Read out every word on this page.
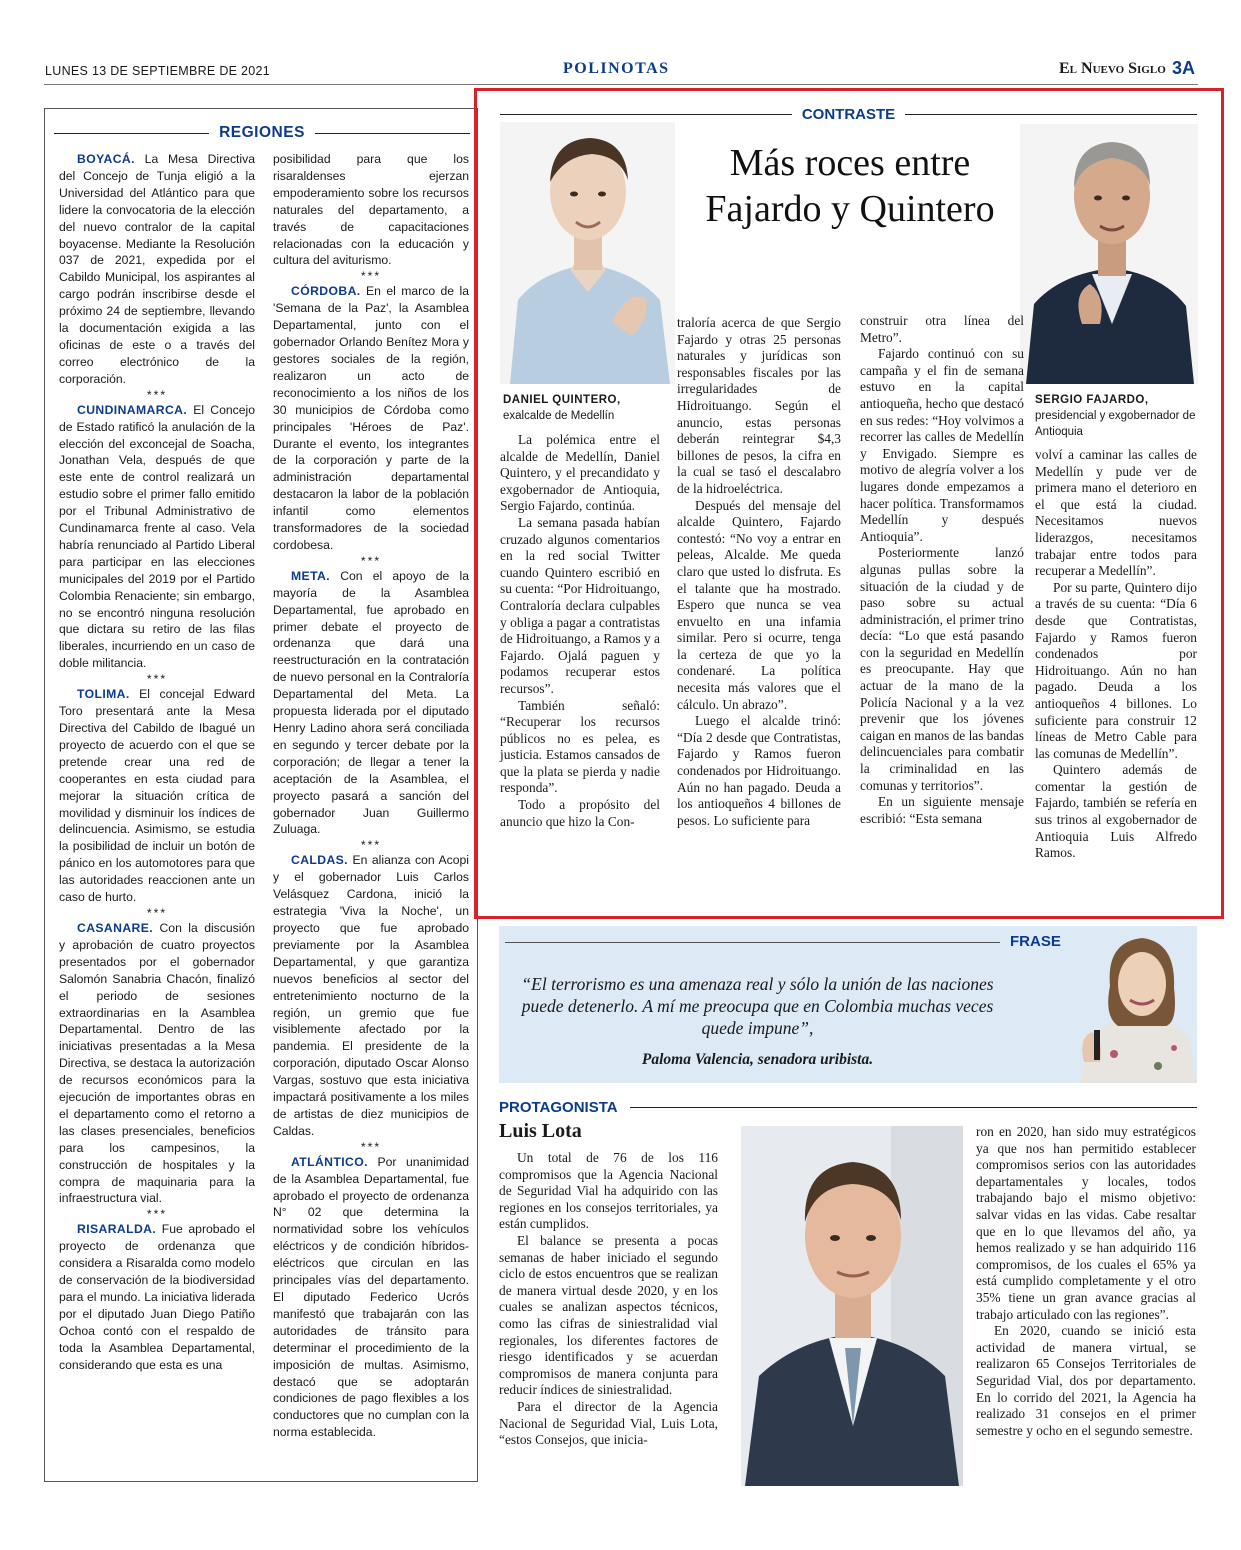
LUNES 13 DE SEPTIEMBRE DE 2021	POLINOTAS	El Nuevo Siglo 3A
REGIONES

BOYACÁ. La Mesa Directiva del Concejo de Tunja eligió a la Universidad del Atlántico para que lidere la convocatoria de la elección del nuevo contralor de la capital boyacense. Mediante la Resolución 037 de 2021, expedida por el Cabildo Municipal, los aspirantes al cargo podrán inscribirse desde el próximo 24 de septiembre, llevando la documentación exigida a las oficinas de este o a través del correo electrónico de la corporación.

***

CUNDINAMARCA. El Concejo de Estado ratificó la anulación de la elección del exconcejal de Soacha, Jonathan Vela, después de que este ente de control realizará un estudio sobre el primer fallo emitido por el Tribunal Administrativo de Cundinamarca frente al caso. Vela habría renunciado al Partido Liberal para participar en las elecciones municipales del 2019 por el Partido Colombia Renaciente; sin embargo, no se encontró ninguna resolución que dictara su retiro de las filas liberales, incurriendo en un caso de doble militancia.

***

TOLIMA. El concejal Edward Toro presentará ante la Mesa Directiva del Cabildo de Ibagué un proyecto de acuerdo con el que se pretende crear una red de cooperantes en esta ciudad para mejorar la situación crítica de movilidad y disminuir los índices de delincuencia. Asimismo, se estudia la posibilidad de incluir un botón de pánico en los automotores para que las autoridades reaccionen ante un caso de hurto.

***

CASANARE. Con la discusión y aprobación de cuatro proyectos presentados por el gobernador Salomón Sanabria Chacón, finalizó el periodo de sesiones extraordinarias en la Asamblea Departamental. Dentro de las iniciativas presentadas a la Mesa Directiva, se destaca la autorización de recursos económicos para la ejecución de importantes obras en el departamento como el retorno a las clases presenciales, beneficios para los campesinos, la construcción de hospitales y la compra de maquinaria para la infraestructura vial.

***

RISARALDA. Fue aprobado el proyecto de ordenanza que considera a Risaralda como modelo de conservación de la biodiversidad para el mundo. La iniciativa liderada por el diputado Juan Diego Patiño Ochoa contó con el respaldo de toda la Asamblea Departamental, considerando que esta es una

posibilidad para que los risaraldenses ejerzan empoderamiento sobre los recursos naturales del departamento, a través de capacitaciones relacionadas con la educación y cultura del aviturismo.

***

CÓRDOBA. En el marco de la 'Semana de la Paz', la Asamblea Departamental, junto con el gobernador Orlando Benítez Mora y gestores sociales de la región, realizaron un acto de reconocimiento a los niños de los 30 municipios de Córdoba como principales 'Héroes de Paz'. Durante el evento, los integrantes de la corporación y parte de la administración departamental destacaron la labor de la población infantil como elementos transformadores de la sociedad cordobesa.

***

META. Con el apoyo de la mayoría de la Asamblea Departamental, fue aprobado en primer debate el proyecto de ordenanza que dará una reestructuración en la contratación de nuevo personal en la Contraloría Departamental del Meta. La propuesta liderada por el diputado Henry Ladino ahora será conciliada en segundo y tercer debate por la corporación; de llegar a tener la aceptación de la Asamblea, el proyecto pasará a sanción del gobernador Juan Guillermo Zuluaga.

***

CALDAS. En alianza con Acopi y el gobernador Luis Carlos Velásquez Cardona, inició la estrategia 'Viva la Noche', un proyecto que fue aprobado previamente por la Asamblea Departamental, y que garantiza nuevos beneficios al sector del entretenimiento nocturno de la región, un gremio que fue visiblemente afectado por la pandemia. El presidente de la corporación, diputado Oscar Alonso Vargas, sostuvo que esta iniciativa impactará positivamente a los miles de artistas de diez municipios de Caldas.

***

ATLÁNTICO. Por unanimidad de la Asamblea Departamental, fue aprobado el proyecto de ordenanza N° 02 que determina la normatividad sobre los vehículos eléctricos y de condición híbridos-eléctricos que circulan en las principales vías del departamento. El diputado Federico Ucrós manifestó que trabajarán con las autoridades de tránsito para determinar el procedimiento de la imposición de multas. Asimismo, destacó que se adoptarán condiciones de pago flexibles a los conductores que no cumplan con la norma establecida.

CONTRASTE
Más roces entre Fajardo y Quintero
DANIEL QUINTERO,
exalcalde de Medellín
SERGIO FAJARDO,
presidencial y exgobernador de Antioquia

La polémica entre el alcalde de Medellín, Daniel Quintero, y el precandidato y exgobernador de Antioquia, Sergio Fajardo, continúa.

La semana pasada habían cruzado algunos comentarios en la red social Twitter cuando Quintero escribió en su cuenta: “Por Hidroituango, Contraloría declara culpables y obliga a pagar a contratistas de Hidroituango, a Ramos y a Fajardo. Ojalá paguen y podamos recuperar estos recursos”.

También señaló: “Recuperar los recursos públicos no es pelea, es justicia. Estamos cansados de que la plata se pierda y nadie responda”.

Todo a propósito del anuncio que hizo la Con-

traloría acerca de que Sergio Fajardo y otras 25 personas naturales y jurídicas son responsables fiscales por las irregularidades de Hidroituango. Según el anuncio, estas personas deberán reintegrar $4,3 billones de pesos, la cifra en la cual se tasó el descalabro de la hidroeléctrica.

Después del mensaje del alcalde Quintero, Fajardo contestó: “No voy a entrar en peleas, Alcalde. Me queda claro que usted lo disfruta. Es el talante que ha mostrado. Espero que nunca se vea envuelto en una infamia similar. Pero si ocurre, tenga la certeza de que yo la condenaré. La política necesita más valores que el cálculo. Un abrazo”.

Luego el alcalde trinó: “Día 2 desde que Contratistas, Fajardo y Ramos fueron condenados por Hidroituango. Aún no han pagado. Deuda a los antioqueños 4 billones de pesos. Lo suficiente para

construir otra línea del Metro”.

Fajardo continuó con su campaña y el fin de semana estuvo en la capital antioqueña, hecho que destacó en sus redes: “Hoy volvimos a recorrer las calles de Medellín y Envigado. Siempre es motivo de alegría volver a los lugares donde empezamos a hacer política. Transformamos Medellín y después Antioquia”.

Posteriormente lanzó algunas pullas sobre la situación de la ciudad y de paso sobre su actual administración, el primer trino decía: “Lo que está pasando con la seguridad en Medellín es preocupante. Hay que actuar de la mano de la Policía Nacional y a la vez prevenir que los jóvenes caigan en manos de las bandas delincuenciales para combatir la criminalidad en las comunas y territorios”.

En un siguiente mensaje escribió: “Esta semana

volví a caminar las calles de Medellín y pude ver de primera mano el deterioro en el que está la ciudad. Necesitamos nuevos liderazgos, necesitamos trabajar entre todos para recuperar a Medellín”.

Por su parte, Quintero dijo a través de su cuenta: “Día 6 desde que Contratistas, Fajardo y Ramos fueron condenados por Hidroituango. Aún no han pagado. Deuda a los antioqueños 4 billones. Lo suficiente para construir 12 líneas de Metro Cable para las comunas de Medellín”.

Quintero además de comentar la gestión de Fajardo, también se refería en sus trinos al exgobernador de Antioquia Luis Alfredo Ramos.

FRASE
“El terrorismo es una amenaza real y sólo la unión de las naciones puede detenerlo. A mí me preocupa que en Colombia muchas veces quede impune”,
Paloma Valencia, senadora uribista.
PROTAGONISTA
Luis Lota

Un total de 76 de los 116 compromisos que la Agencia Nacional de Seguridad Vial ha adquirido con las regiones en los consejos territoriales, ya están cumplidos.

El balance se presenta a pocas semanas de haber iniciado el segundo ciclo de estos encuentros que se realizan de manera virtual desde 2020, y en los cuales se analizan aspectos técnicos, como las cifras de siniestralidad vial regionales, los diferentes factores de riesgo identificados y se acuerdan compromisos de manera conjunta para reducir índices de siniestralidad.

Para el director de la Agencia Nacional de Seguridad Vial, Luis Lota, “estos Consejos, que inicia-

ron en 2020, han sido muy estratégicos ya que nos han permitido establecer compromisos serios con las autoridades departamentales y locales, todos trabajando bajo el mismo objetivo: salvar vidas en las vidas. Cabe resaltar que en lo que llevamos del año, ya hemos realizado y se han adquirido 116 compromisos, de los cuales el 65% ya está cumplido completamente y el otro 35% tiene un gran avance gracias al trabajo articulado con las regiones”.

En 2020, cuando se inició esta actividad de manera virtual, se realizaron 65 Consejos Territoriales de Seguridad Vial, dos por departamento. En lo corrido del 2021, la Agencia ha realizado 31 consejos en el primer semestre y ocho en el segundo semestre.
